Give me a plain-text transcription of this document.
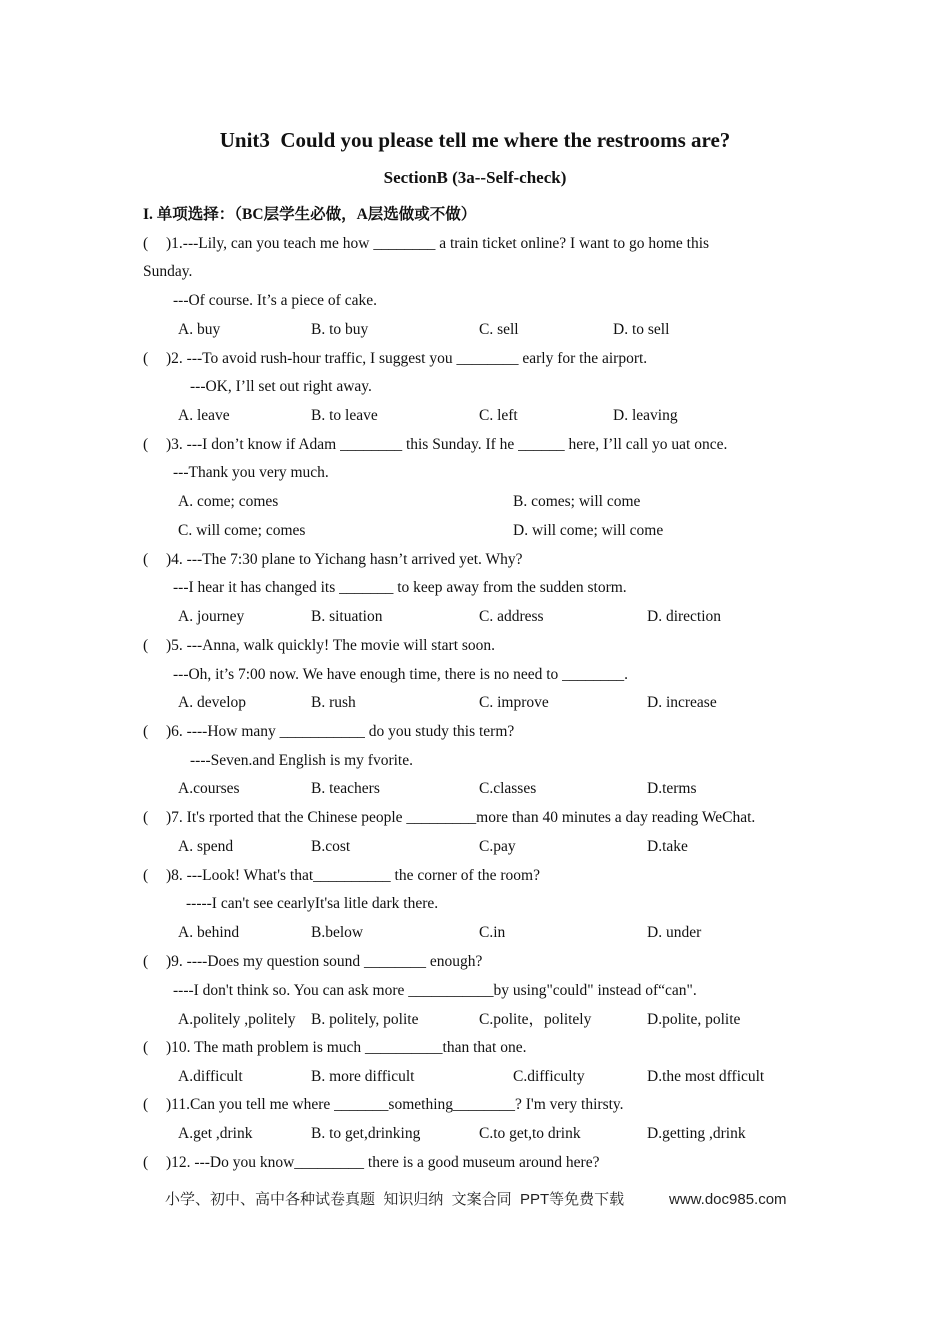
Unit3  Could you please tell me where the restrooms are?
SectionB (3a--Self-check)
I. 单项选择：（BC层学生必做，A层选做或不做）
( )1.---Lily, can you teach me how ________ a train ticket online? I want to go home this
Sunday.
---Of course. It’s a piece of cake.

A. buy

	B. to buy

	C. sell

	D. to sell

( )2. ---To avoid rush-hour traffic, I suggest you ________ early for the airport.
---OK, I’ll set out right away.

A. leave

	B. to leave

	C. left

	D. leaving

( )3. ---I don’t know if Adam ________ this Sunday. If he ______ here, I’ll call yo uat once.
---Thank you very much.

A. come; comes

	B. comes; will come

C. will come; comes

	D. will come; will come

( )4. ---The 7:30 plane to Yichang hasn’t arrived yet. Why?
---I hear it has changed its _______ to keep away from the sudden storm.

A. journey

	B. situation

	C. address

	D. direction

( )5. ---Anna, walk quickly! The movie will start soon.
---Oh, it’s 7:00 now. We have enough time, there is no need to ________.

A. develop

	B. rush

	C. improve

	D. increase

( )6. ----How many ___________ do you study this term?
----Seven.and English is my fvorite.

A.courses

	B. teachers

	C.classes

	D.terms

( )7. It's rported that the Chinese people _________more than 40 minutes a day reading WeChat.

A. spend

	B.cost

	C.pay

	D.take

( )8. ---Look! What's that__________ the corner of the room?
-----I can't see cearlyIt'sa litle dark there.

A. behind

	B.below

	C.in

	D. under

( )9. ----Does my question sound ________ enough?
----I don't think so. You can ask more ___________by using"could" instead of“can".

A.politely ,politely

B. politely, polite

	C.polite，politely

	D.polite, polite

( )10. The math problem is much __________than that one.

A.difficult

	B. more difficult

	C.difficulty

	D.the most dfficult

( )11.Can you tell me where _______something________? I'm very thirsty.

A.get ,drink

	B. to get,drinking

	C.to get,to drink

	D.getting ,drink

( )12. ---Do you know_________ there is a good museum around here?
小学、初中、高中各种试卷真题  知识归纳  文案合同  PPT等免费下载	www.doc985.com
